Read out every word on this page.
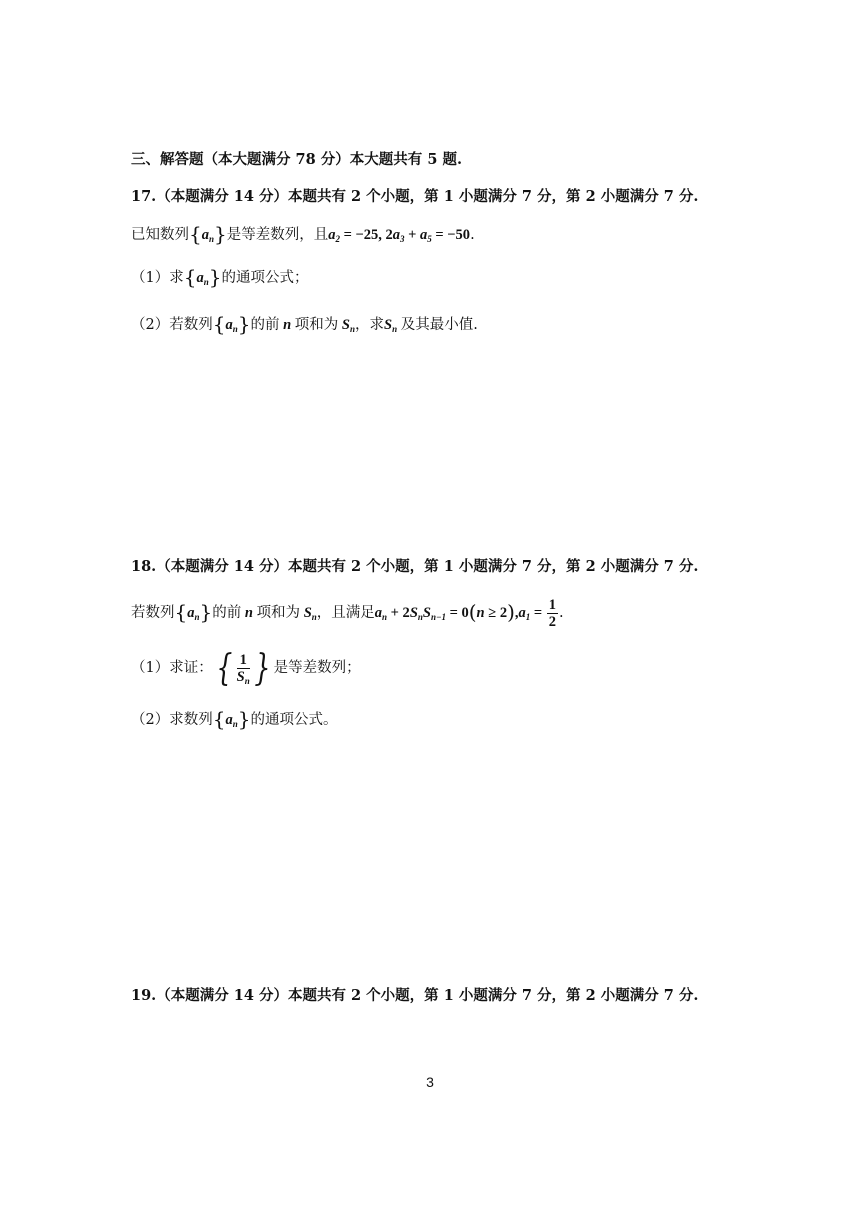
三、解答题（本大题满分 78 分）本大题共有 5 题.
17.（本题满分 14 分）本题共有 2 个小题，第 1 小题满分 7 分，第 2 小题满分 7 分.
已知数列$\{a_n\}$是等差数列，且$a_2 = -25$, $2a_3 + a_5 = -50$.
（1）求$\{a_n\}$的通项公式；
（2）若数列$\{a_n\}$的前 n 项和为 $S_n$，求$S_n$ 及其最小值.
18.（本题满分 14 分）本题共有 2 个小题，第 1 小题满分 7 分，第 2 小题满分 7 分.
若数列$\{a_n\}$的前 n 项和为 $S_n$，且满足$a_n + 2S_nS_{n-1} = 0(n \ge 2),a_1 = \frac{1}{2}$ .
（1）求证：{ $\frac{1}{S_n}$ } 是等差数列；
（2）求数列$\{a_n\}$的通项公式。
19.（本题满分 14 分）本题共有 2 个小题，第 1 小题满分 7 分，第 2 小题满分 7 分.
3
